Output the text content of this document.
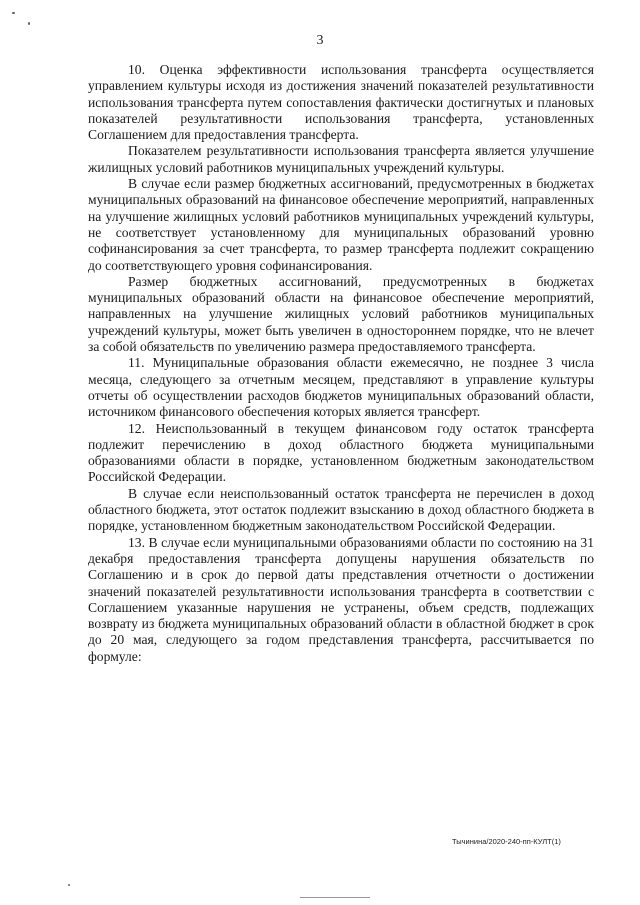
3

10. Оценка эффективности использования трансферта осуществляется управлением культуры исходя из достижения значений показателей результативности использования трансферта путем сопоставления фактически достигнутых и плановых показателей результативности использования трансферта, установленных Соглашением для предоставления трансферта.

Показателем результативности использования трансферта является улучшение жилищных условий работников муниципальных учреждений культуры.

В случае если размер бюджетных ассигнований, предусмотренных в бюджетах муниципальных образований на финансовое обеспечение мероприятий, направленных на улучшение жилищных условий работников муниципальных учреждений культуры, не соответствует установленному для муниципальных образований уровню софинансирования за счет трансферта, то размер трансферта подлежит сокращению до соответствующего уровня софинансирования.

Размер бюджетных ассигнований, предусмотренных в бюджетах муниципальных образований области на финансовое обеспечение мероприятий, направленных на улучшение жилищных условий работников муниципальных учреждений культуры, может быть увеличен в одностороннем порядке, что не влечет за собой обязательств по увеличению размера предоставляемого трансферта.

11. Муниципальные образования области ежемесячно, не позднее 3 числа месяца, следующего за отчетным месяцем, представляют в управление культуры отчеты об осуществлении расходов бюджетов муниципальных образований области, источником финансового обеспечения которых является трансферт.

12. Неиспользованный в текущем финансовом году остаток трансферта подлежит перечислению в доход областного бюджета муниципальными образованиями области в порядке, установленном бюджетным законодательством Российской Федерации.

В случае если неиспользованный остаток трансферта не перечислен в доход областного бюджета, этот остаток подлежит взысканию в доход областного бюджета в порядке, установленном бюджетным законодательством Российской Федерации.

13. В случае если муниципальными образованиями области по состоянию на 31 декабря предоставления трансферта допущены нарушения обязательств по Соглашению и в срок до первой даты представления отчетности о достижении значений показателей результативности использования трансферта в соответствии с Соглашением указанные нарушения не устранены, объем средств, подлежащих возврату из бюджета муниципальных образований области в областной бюджет в срок до 20 мая, следующего за годом представления трансферта, рассчитывается по формуле:

Тычинина/2020-240-пп-КУЛТ(1)
